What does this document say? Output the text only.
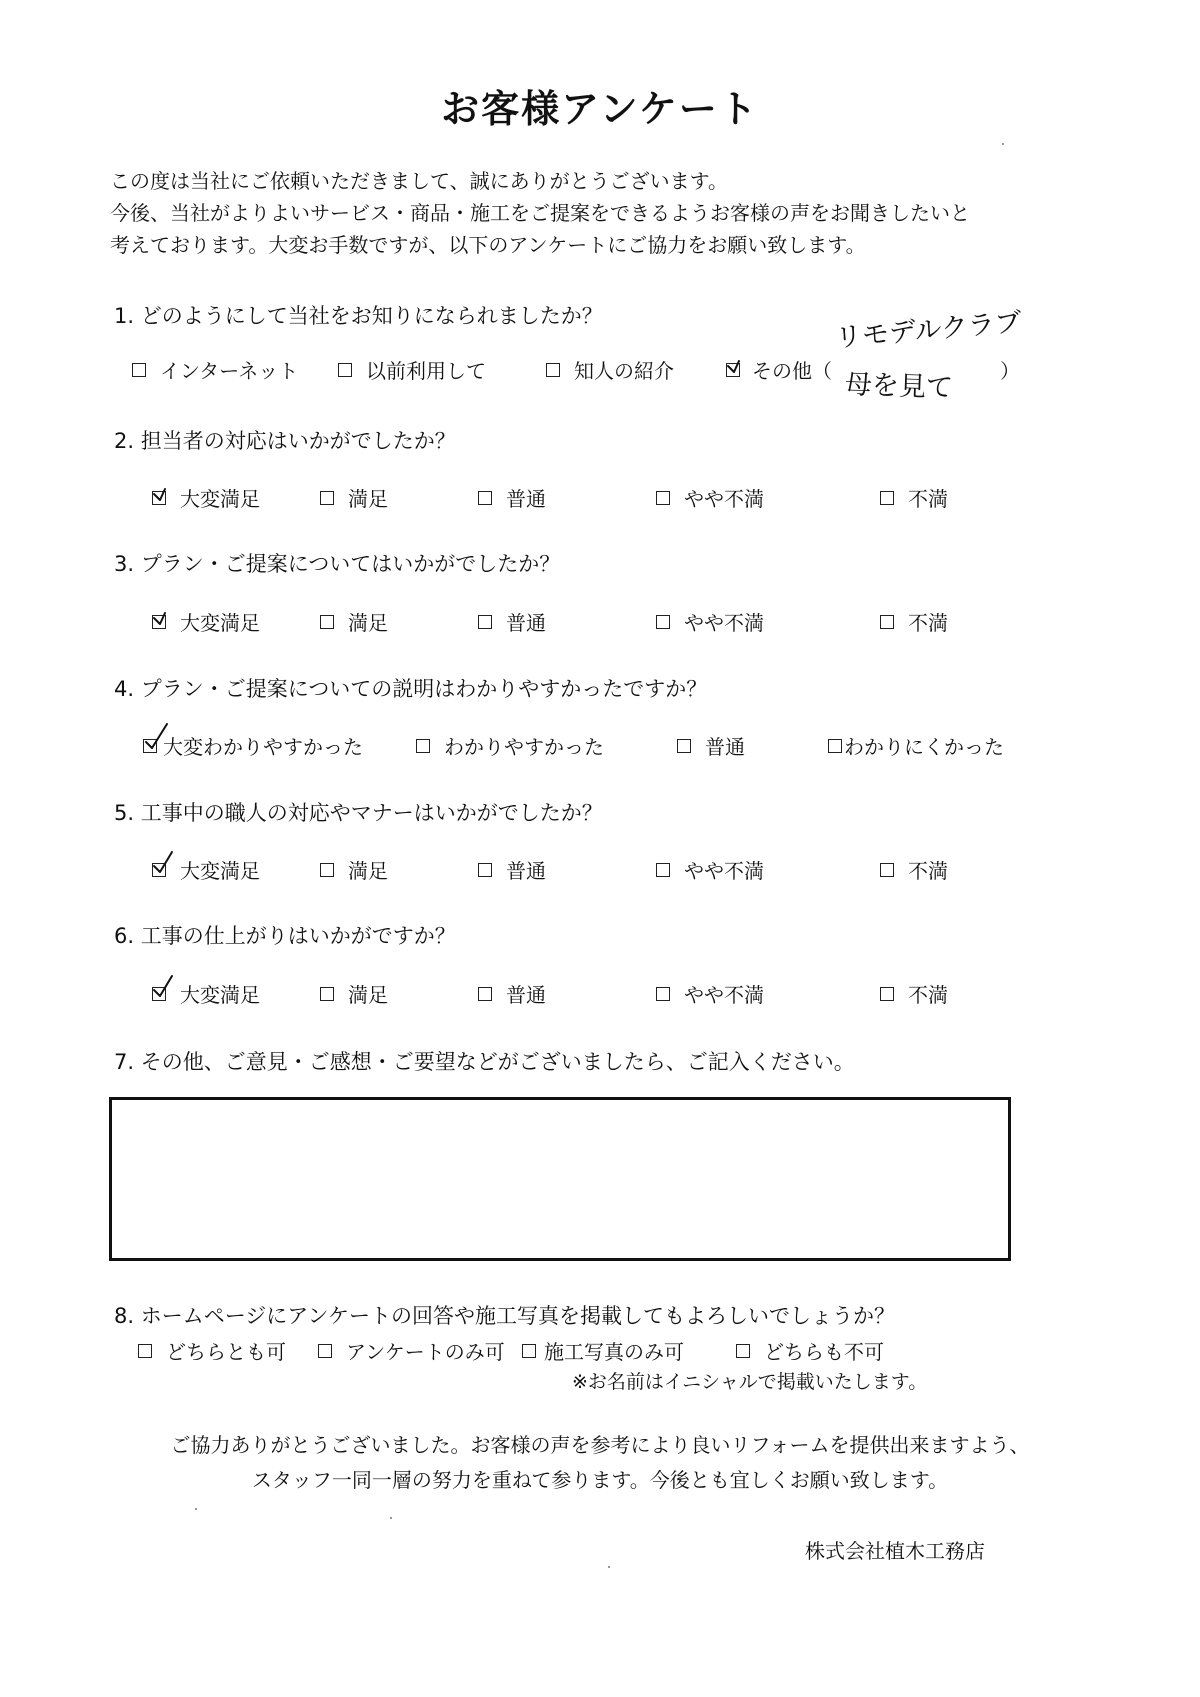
お客様アンケート
この度は当社にご依頼いただきまして、誠にありがとうございます。
今後、当社がよりよいサービス・商品・施工をご提案をできるようお客様の声をお聞きしたいと
考えております。大変お手数ですが、以下のアンケートにご協力をお願い致します。
1. どのようにして当社をお知りになられましたか？
インターネット	以前利用して	知人の紹介	その他（	）
リモデルクラブ
母を見て
2. 担当者の対応はいかがでしたか？
大変満足	満足	普通	やや不満	不満
3. プラン・ご提案についてはいかがでしたか？
大変満足	満足	普通	やや不満	不満
4. プラン・ご提案についての説明はわかりやすかったですか？
大変わかりやすかった	わかりやすかった	普通	わかりにくかった
5. 工事中の職人の対応やマナーはいかがでしたか？
大変満足	満足	普通	やや不満	不満
6. 工事の仕上がりはいかがですか？
大変満足	満足	普通	やや不満	不満
7. その他、ご意見・ご感想・ご要望などがございましたら、ご記入ください。
8. ホームページにアンケートの回答や施工写真を掲載してもよろしいでしょうか？
どちらとも可	アンケートのみ可 施工写真のみ可	どちらも不可
※お名前はイニシャルで掲載いたします。
ご協力ありがとうございました。お客様の声を参考により良いリフォームを提供出来ますよう、
スタッフ一同一層の努力を重ねて参ります。今後とも宜しくお願い致します。
株式会社植木工務店
